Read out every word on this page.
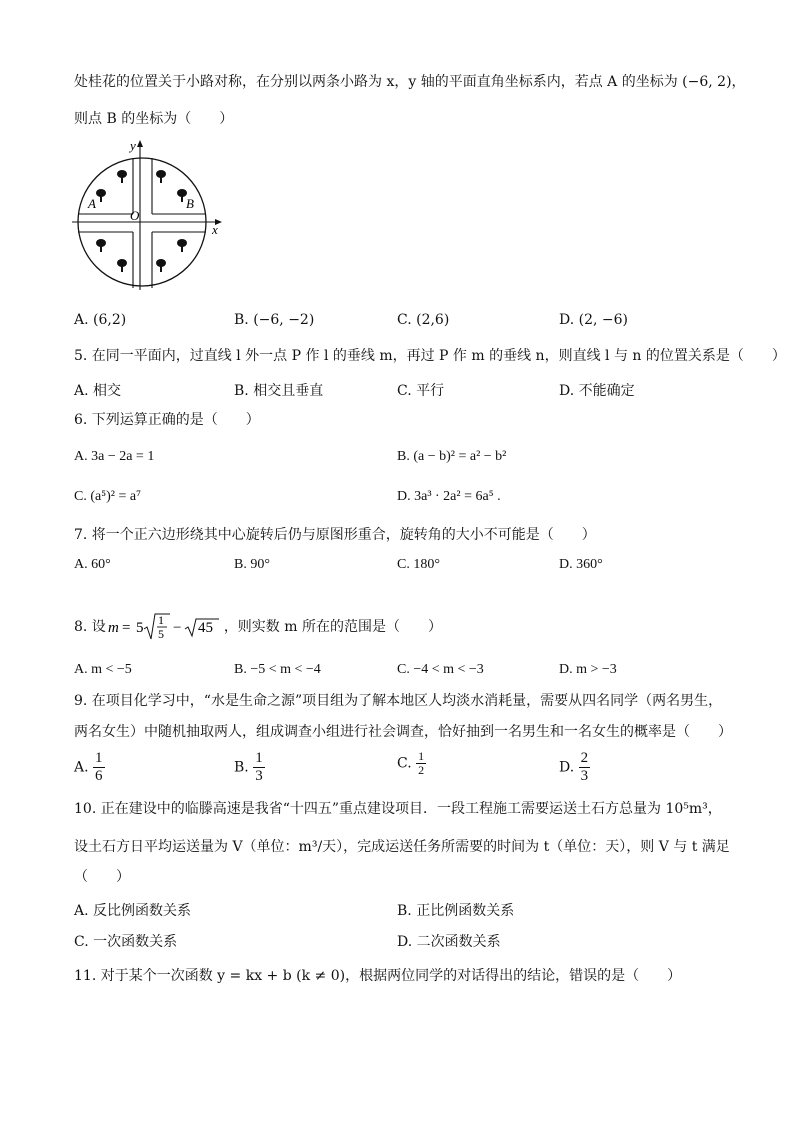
处桂花的位置关于小路对称，在分别以两条小路为 x，y 轴的平面直角坐标系内，若点 A 的坐标为 (−6, 2)，
则点 B 的坐标为（　　）
y
x
O
A	B
A. (6,2)	B. (−6, −2)	C. (2,6)	D. (2, −6)
5. 在同一平面内，过直线 l 外一点 P 作 l 的垂线 m，再过 P 作 m 的垂线 n，则直线 l 与 n 的位置关系是（　　）
A. 相交	B. 相交且垂直	C. 平行	D. 不能确定
6. 下列运算正确的是（　　）
A. 3a − 2a = 1	B. (a − b)² = a² − b²
C. (a⁵)² = a⁷	D. 3a³ · 2a² = 6a⁵ .
7. 将一个正六边形绕其中心旋转后仍与原图形重合，旋转角的大小不可能是（　　）
A. 60°	B. 90°	C. 180°	D. 360°
8. 设 m = 5 1
5 − 45 ，则实数 m 所在的范围是（　　）
A. m < −5	B. −5 < m < −4	C. −4 < m < −3	D. m > −3
9. 在项目化学习中，“水是生命之源”项目组为了解本地区人均淡水消耗量，需要从四名同学（两名男生，
两名女生）中随机抽取两人，组成调查小组进行社会调查，恰好抽到一名男生和一名女生的概率是（　　）
A. $\frac{1}{6}$	B. $\frac{1}{3}$	C. $\frac{1}{2}$	D. $\frac{2}{3}$
10. 正在建设中的临滕高速是我省“十四五”重点建设项目．一段工程施工需要运送土石方总量为 10⁵m³，
设土石方日平均运送量为 V（单位：m³/天），完成运送任务所需要的时间为 t（单位：天），则 V 与 t 满足
（　　）
A. 反比例函数关系	B. 正比例函数关系
C. 一次函数关系	D. 二次函数关系
11. 对于某个一次函数 y = kx + b (k ≠ 0)，根据两位同学的对话得出的结论，错误的是（　　）
